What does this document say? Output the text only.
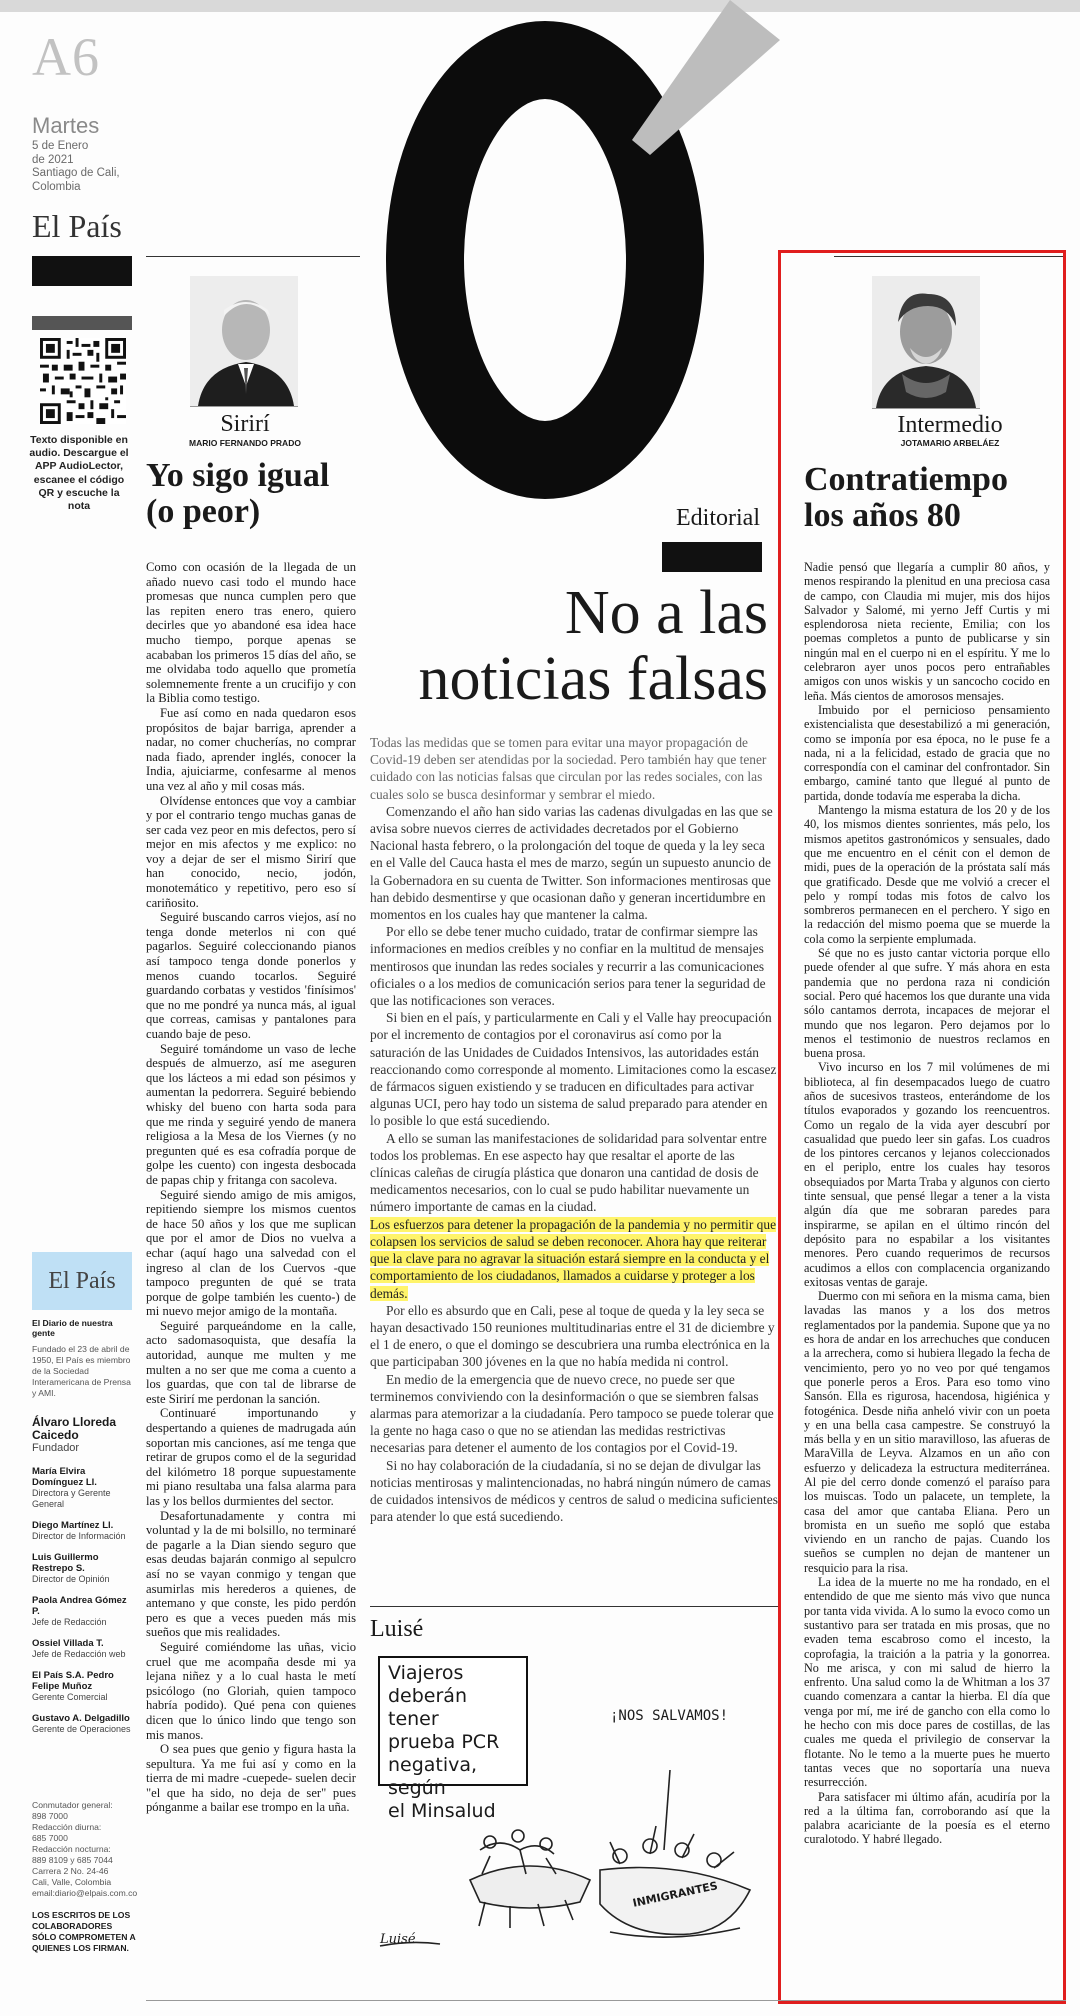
A6
Martes
5 de Enero
de 2021
Santiago de Cali,
Colombia
El País
Texto disponible en
audio. Descargue el
APP AudioLector,
escanee el código
QR y escuche la
nota
Sirirí
MARIO FERNANDO PRADO
Yo sigo igual
(o peor)

Como con ocasión de la llegada de un añado nuevo casi todo el mundo hace promesas que nunca cumplen pero que las repiten enero tras enero, quiero decirles que yo abandoné esa idea hace mucho tiempo, porque apenas se acababan los primeros 15 días del año, se me olvidaba todo aquello que prometía solemnemente frente a un crucifijo y con la Biblia como testigo.

Fue así como en nada quedaron esos propósitos de bajar barriga, aprender a nadar, no comer chucherías, no comprar nada fiado, aprender inglés, conocer la India, ajuiciarme, confesarme al menos una vez al año y mil cosas más.

Olvídense entonces que voy a cambiar y por el contrario tengo muchas ganas de ser cada vez peor en mis defectos, pero sí mejor en mis afectos y me explico: no voy a dejar de ser el mismo Sirirí que han conocido, necio, jodón, monotemático y repetitivo, pero eso sí cariñosito.

Seguiré buscando carros viejos, así no tenga donde meterlos ni con qué pagarlos. Seguiré coleccionando pianos así tampoco tenga donde ponerlos y menos cuando tocarlos. Seguiré guardando corbatas y vestidos 'finísimos' que no me pondré ya nunca más, al igual que correas, camisas y pantalones para cuando baje de peso.

Seguiré tomándome un vaso de leche después de almuerzo, así me aseguren que los lácteos a mi edad son pésimos y aumentan la pedorrera. Seguiré bebiendo whisky del bueno con harta soda para que me rinda y seguiré yendo de manera religiosa a la Mesa de los Viernes (y no pregunten qué es esa cofradía porque de golpe les cuento) con ingesta desbocada de papas chip y fritanga con sacoleva.

Seguiré siendo amigo de mis amigos, repitiendo siempre los mismos cuentos de hace 50 años y los que me suplican que por el amor de Dios no vuelva a echar (aquí hago una salvedad con el ingreso al clan de los Cuervos -que tampoco pregunten de qué se trata porque de golpe también les cuento-) de mi nuevo mejor amigo de la montaña.

Seguiré parqueándome en la calle, acto sadomasoquista, que desafía la autoridad, aunque me multen y me multen a no ser que me coma a cuento a los guardas, que con tal de librarse de este Sirirí me perdonan la sanción.

Continuaré importunando y despertando a quienes de madrugada aún soportan mis canciones, así me tenga que retirar de grupos como el de la seguridad del kilómetro 18 porque supuestamente mi piano resultaba una falsa alarma para las y los bellos durmientes del sector.

Desafortunadamente y contra mi voluntad y la de mi bolsillo, no terminaré de pagarle a la Dian siendo seguro que esas deudas bajarán conmigo al sepulcro así no se vayan conmigo y tengan que asumirlas mis herederos a quienes, de antemano y que conste, les pido perdón pero es que a veces pueden más mis sueños que mis realidades.

Seguiré comiéndome las uñas, vicio cruel que me acompaña desde mi ya lejana niñez y a lo cual hasta le metí psicólogo (no Gloriah, quien tampoco habría podido). Qué pena con quienes dicen que lo único lindo que tengo son mis manos.

O sea pues que genio y figura hasta la sepultura. Ya me fui así y como en la tierra de mi madre -cuepede- suelen decir "el que ha sido, no deja de ser" pues pónganme a bailar ese trompo en la uña.

El País
El Diario de nuestra gente
Fundado el 23 de abril de 1950, El País es miembro de la Sociedad Interamericana de Prensa y AMI.
Álvaro Lloreda Caicedo
Fundador
María Elvira Domínguez Ll.
Directora y Gerente General
Diego Martínez Ll.
Director de Información
Luis Guillermo Restrepo S.
Director de Opinión
Paola Andrea Gómez P.
Jefe de Redacción
Ossiel Villada T.
Jefe de Redacción web
El País S.A. Pedro Felipe Muñoz
Gerente Comercial
Gustavo A. Delgadillo
Gerente de Operaciones
Conmutador general:
898 7000
Redacción diurna:
685 7000
Redacción nocturna:
889 8109 y 685 7044
Carrera 2 No. 24-46
Cali, Valle, Colombia
email:diario@elpais.com.co
LOS ESCRITOS DE LOS COLABORADORES SÓLO COMPROMETEN A QUIENES LOS FIRMAN.
Editorial
No a las
noticias falsas

Todas las medidas que se tomen para evitar una mayor propagación de Covid-19 deben ser atendidas por la sociedad. Pero también hay que tener cuidado con las noticias falsas que circulan por las redes sociales, con las cuales solo se busca desinformar y sembrar el miedo.

Comenzando el año han sido varias las cadenas divulgadas en las que se avisa sobre nuevos cierres de actividades decretados por el Gobierno Nacional hasta febrero, o la prolongación del toque de queda y la ley seca en el Valle del Cauca hasta el mes de marzo, según un supuesto anuncio de la Gobernadora en su cuenta de Twitter. Son informaciones mentirosas que han debido desmentirse y que ocasionan daño y generan incertidumbre en momentos en los cuales hay que mantener la calma.

Por ello se debe tener mucho cuidado, tratar de confirmar siempre las informaciones en medios creíbles y no confiar en la multitud de mensajes mentirosos que inundan las redes sociales y recurrir a las comunicaciones oficiales o a los medios de comunicación serios para tener la seguridad de que las notificaciones son veraces.

Si bien en el país, y particularmente en Cali y el Valle hay preocupación por el incremento de contagios por el coronavirus así como por la saturación de las Unidades de Cuidados Intensivos, las autoridades están reaccionando como corresponde al momento. Limitaciones como la escasez de fármacos siguen existiendo y se traducen en dificultades para activar algunas UCI, pero hay todo un sistema de salud preparado para atender en lo posible lo que está sucediendo.

A ello se suman las manifestaciones de solidaridad para solventar entre todos los problemas. En ese aspecto hay que resaltar el aporte de las clínicas caleñas de cirugía plástica que donaron una cantidad de dosis de medicamentos necesarios, con lo cual se pudo habilitar nuevamente un número importante de camas en la ciudad.

Los esfuerzos para detener la propagación de la pandemia y no permitir que colapsen los servicios de salud se deben reconocer. Ahora hay que reiterar que la clave para no agravar la situación estará siempre en la conducta y el comportamiento de los ciudadanos, llamados a cuidarse y proteger a los demás.

Por ello es absurdo que en Cali, pese al toque de queda y la ley seca se hayan desactivado 150 reuniones multitudinarias entre el 31 de diciembre y el 1 de enero, o que el domingo se descubriera una rumba electrónica en la que participaban 300 jóvenes en la que no había medida ni control.

En medio de la emergencia que de nuevo crece, no puede ser que terminemos conviviendo con la desinformación o que se siembren falsas alarmas para atemorizar a la ciudadanía. Pero tampoco se puede tolerar que la gente no haga caso o que no se atiendan las medidas restrictivas necesarias para detener el aumento de los contagios por el Covid-19.

Si no hay colaboración de la ciudadanía, si no se dejan de divulgar las noticias mentirosas y malintencionadas, no habrá ningún número de camas de cuidados intensivos de médicos y centros de salud o medicina suficientes para atender lo que está sucediendo.

Luisé
Viajeros
deberán tener
prueba PCR
negativa, según
el Minsalud
¡NOS SALVAMOS!
INMIGRANTES
Luisé
Intermedio
JOTAMARIO ARBELÁEZ
Contratiempo
los años 80

Nadie pensó que llegaría a cumplir 80 años, y menos respirando la plenitud en una preciosa casa de campo, con Claudia mi mujer, mis dos hijos Salvador y Salomé, mi yerno Jeff Curtis y mi esplendorosa nieta reciente, Emilia; con los poemas completos a punto de publicarse y sin ningún mal en el cuerpo ni en el espíritu. Y me lo celebraron ayer unos pocos pero entrañables amigos con unos wiskis y un sancocho cocido en leña. Más cientos de amorosos mensajes.

Imbuido por el pernicioso pensamiento existencialista que desestabilizó a mi generación, como se imponía por esa época, no le puse fe a nada, ni a la felicidad, estado de gracia que no correspondía con el caminar del confrontador. Sin embargo, caminé tanto que llegué al punto de partida, donde todavía me esperaba la dicha.

Mantengo la misma estatura de los 20 y de los 40, los mismos dientes sonrientes, más pelo, los mismos apetitos gastronómicos y sensuales, dado que me encuentro en el cénit con el demon de midi, pues de la operación de la próstata salí más que gratificado. Desde que me volvió a crecer el pelo y rompí todas mis fotos de calvo los sombreros permanecen en el perchero. Y sigo en la redacción del mismo poema que se muerde la cola como la serpiente emplumada.

Sé que no es justo cantar victoria porque ello puede ofender al que sufre. Y más ahora en esta pandemia que no perdona raza ni condición social. Pero qué hacemos los que durante una vida sólo cantamos derrota, incapaces de mejorar el mundo que nos legaron. Pero dejamos por lo menos el testimonio de nuestros reclamos en buena prosa.

Vivo incurso en los 7 mil volúmenes de mi biblioteca, al fin desempacados luego de cuatro años de sucesivos trasteos, enterándome de los títulos evaporados y gozando los reencuentros. Como un regalo de la vida ayer descubrí por casualidad que puedo leer sin gafas. Los cuadros de los pintores cercanos y lejanos coleccionados en el periplo, entre los cuales hay tesoros obsequiados por Marta Traba y algunos con cierto tinte sensual, que pensé llegar a tener a la vista algún día que me sobraran paredes para inspirarme, se apilan en el último rincón del depósito para no espabilar a los visitantes menores. Pero cuando requerimos de recursos acudimos a ellos con complacencia organizando exitosas ventas de garaje.

Duermo con mi señora en la misma cama, bien lavadas las manos y a los dos metros reglamentados por la pandemia. Supone que ya no es hora de andar en los arrechuches que conducen a la arrechera, como si hubiera llegado la fecha de vencimiento, pero yo no veo por qué tengamos que ponerle peros a Eros. Para eso tomo vino Sansón. Ella es rigurosa, hacendosa, higiénica y fotogénica. Desde niña anheló vivir con un poeta y en una bella casa campestre. Se construyó la más bella y en un sitio maravilloso, las afueras de MaraVilla de Leyva. Alzamos en un año con esfuerzo y delicadeza la estructura mediterránea. Al pie del cerro donde comenzó el paraíso para los muiscas. Todo un palacete, un templete, la casa del amor que cantaba Eliana. Pero un bromista en un sueño me sopló que estaba viviendo en un rancho de pajas. Cuando los sueños se cumplen no dejan de mantener un resquicio para la risa.

La idea de la muerte no me ha rondado, en el entendido de que me siento más vivo que nunca por tanta vida vivida. A lo sumo la evoco como un sustantivo para ser tratada en mis prosas, que no evaden tema escabroso como el incesto, la coprofagia, la traición a la patria y la gonorrea. No me arisca, y con mi salud de hierro la enfrento. Una salud como la de Whitman a los 37 cuando comenzara a cantar la hierba. El día que venga por mí, me iré de gancho con ella como lo he hecho con mis doce pares de costillas, de las cuales me queda el privilegio de conservar la flotante. No le temo a la muerte pues he muerto tantas veces que no soportaría una nueva resurrección.

Para satisfacer mi último afán, acudiría por la red a la última fan, corroborando así que la palabra acariciante de la poesía es el eterno curalotodo. Y habré llegado.
